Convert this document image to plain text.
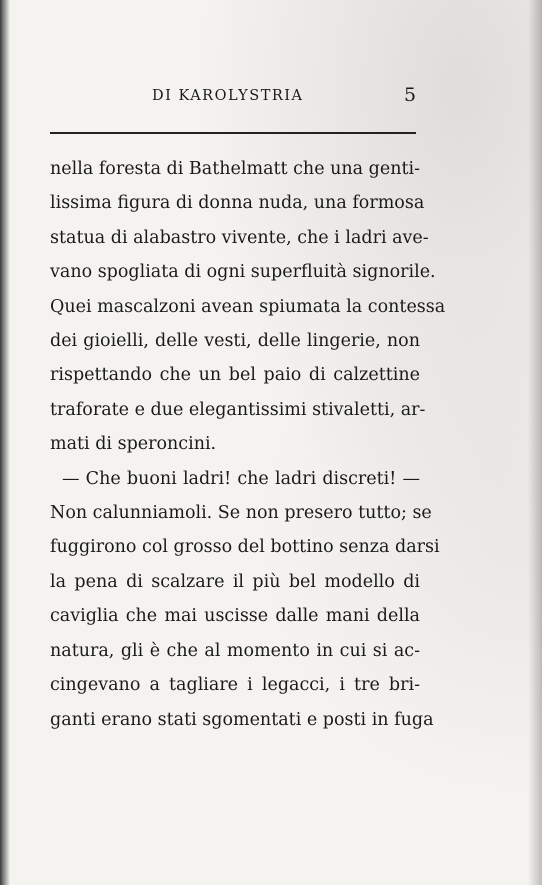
DI KAROLYSTRIA	5
nella foresta di Bathelmatt che una genti-
lissima figura di donna nuda, una formosa
statua di alabastro vivente, che i ladri ave-
vano spogliata di ogni superfluità signorile.
Quei mascalzoni avean spiumata la contessa
dei gioielli, delle vesti, delle lingerie, non
rispettando che un bel paio di calzettine
traforate e due elegantissimi stivaletti, ar-
mati di speroncini.
— Che buoni ladri! che ladri discreti! —
Non calunniamoli. Se non presero tutto; se
fuggirono col grosso del bottino senza darsi
la pena di scalzare il più bel modello di
caviglia che mai uscisse dalle mani della
natura, gli è che al momento in cui si ac-
cingevano a tagliare i legacci, i tre bri-
ganti erano stati sgomentati e posti in fuga
